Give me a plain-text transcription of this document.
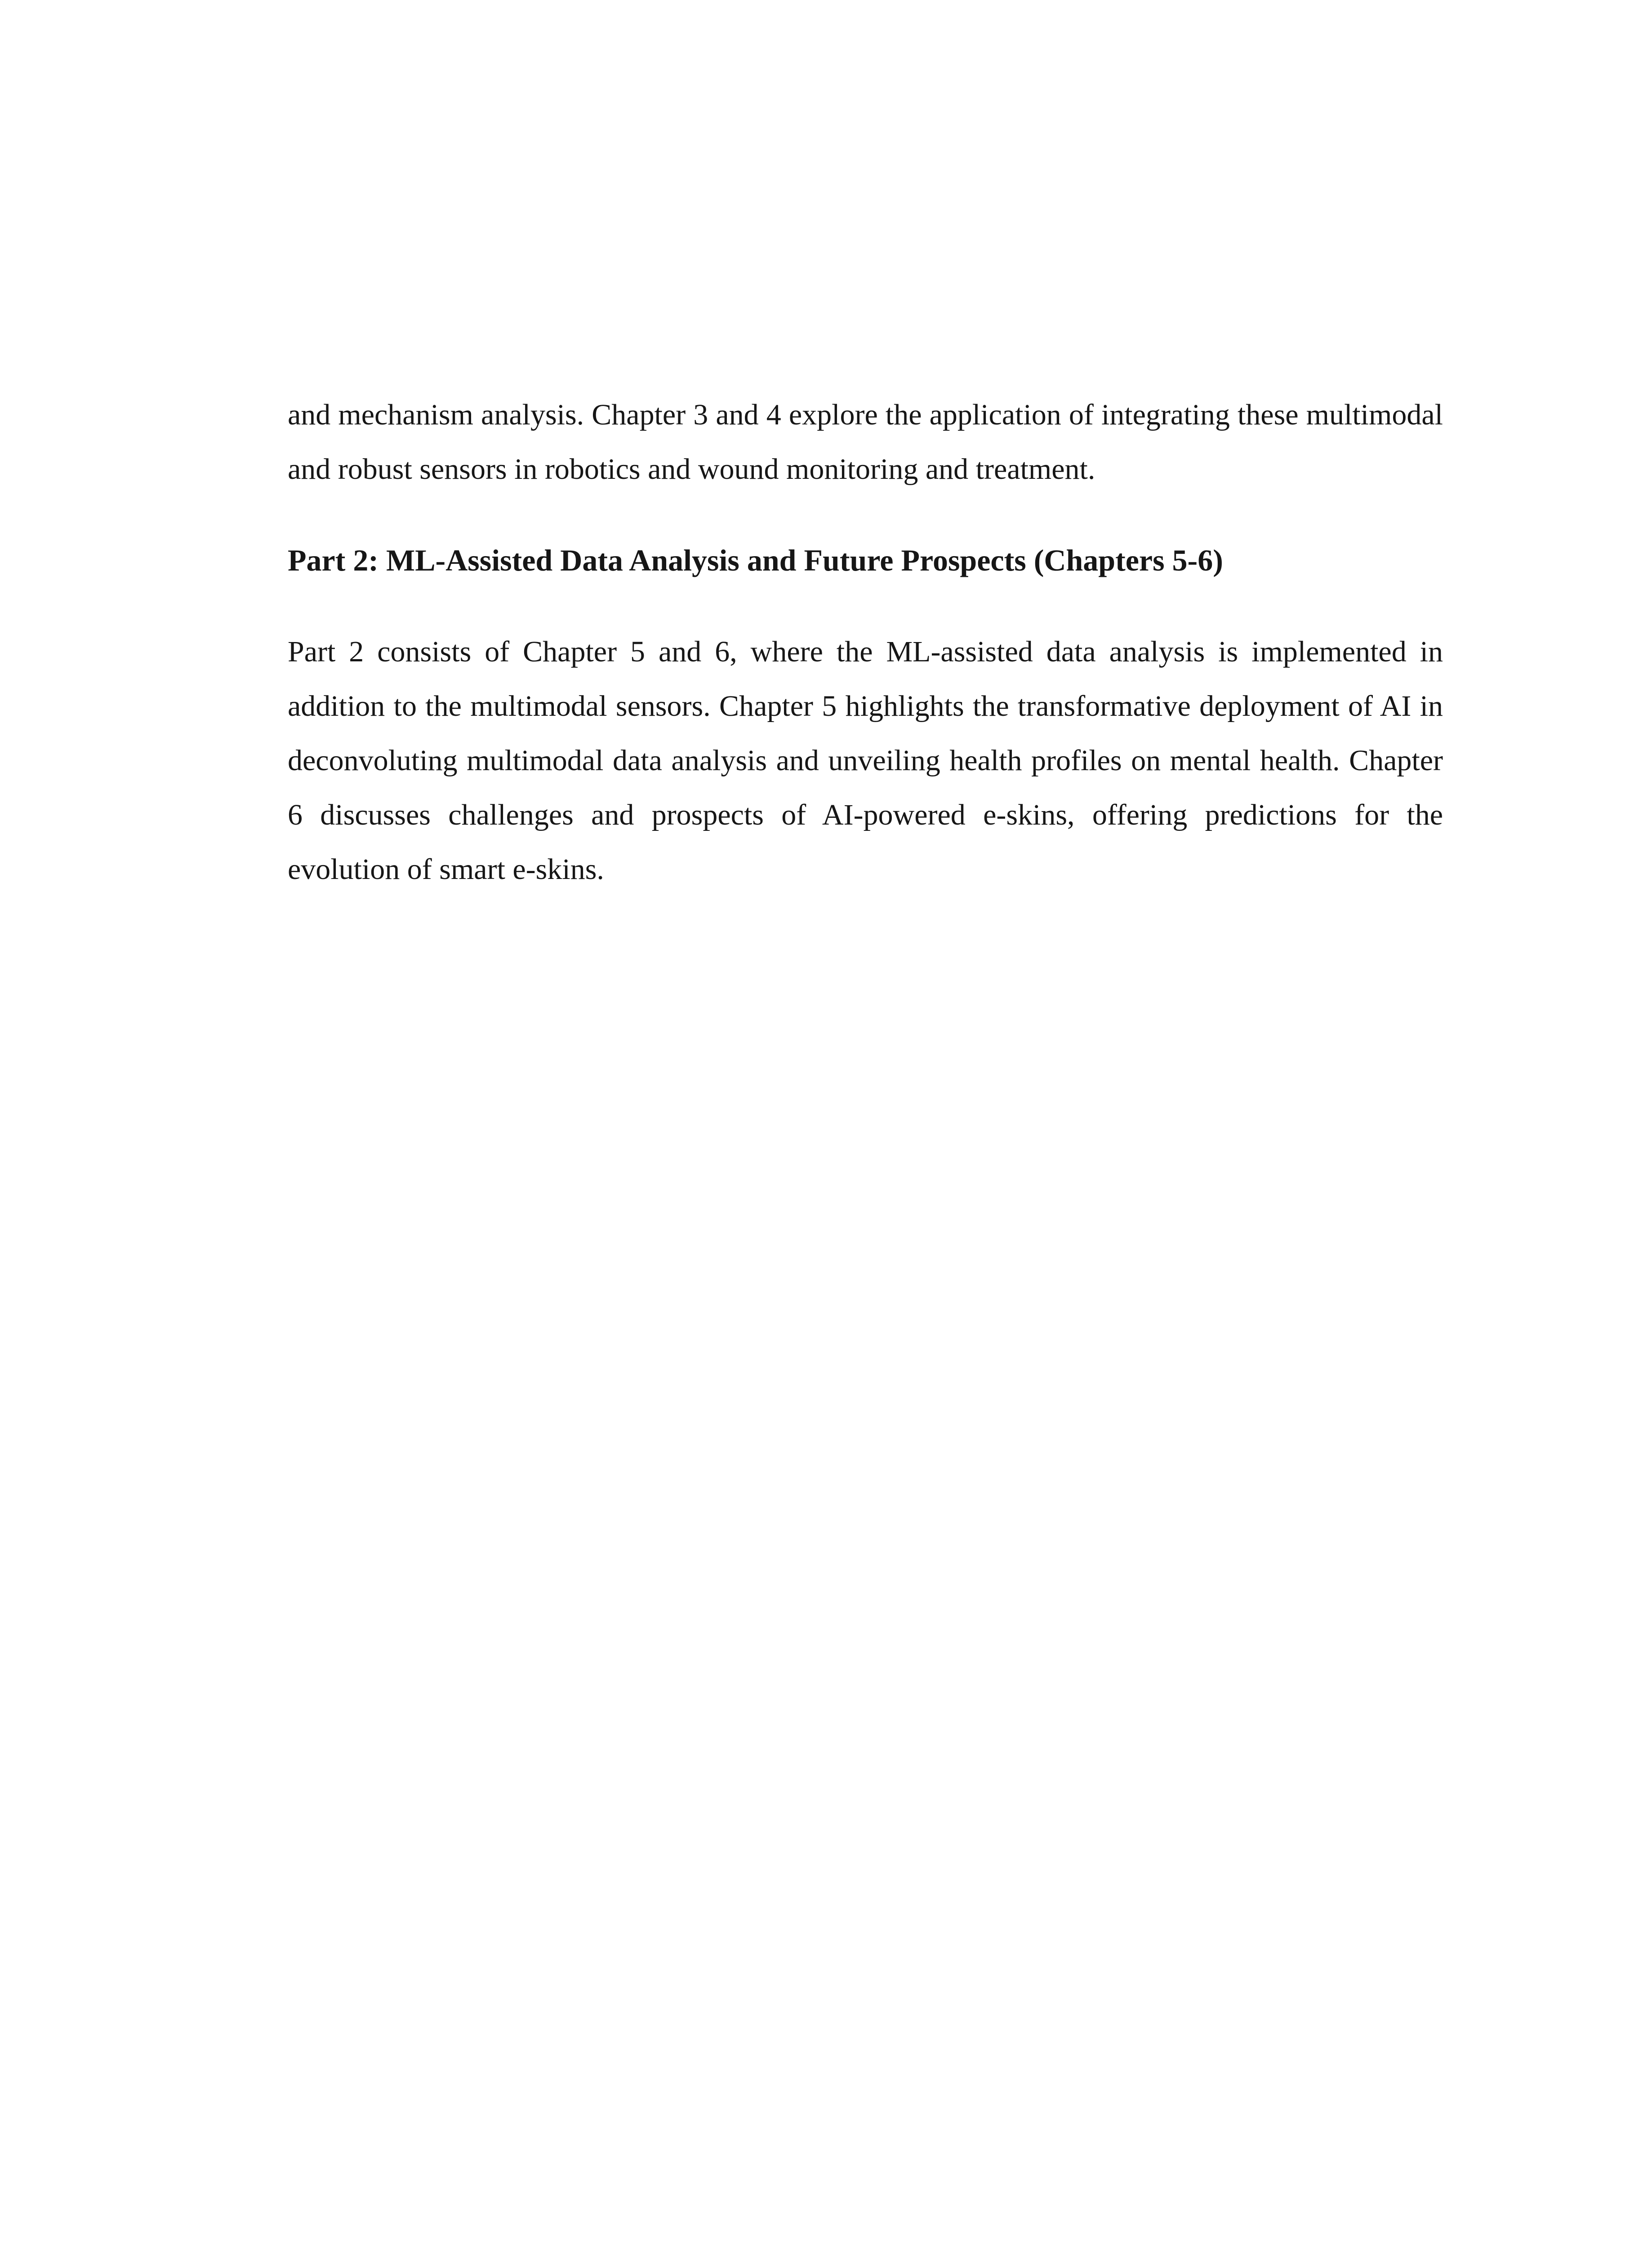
and mechanism analysis. Chapter 3 and 4 explore the application of integrating these multimodal and robust sensors in robotics and wound monitoring and treatment.

Part 2: ML-Assisted Data Analysis and Future Prospects (Chapters 5-6)

Part 2 consists of Chapter 5 and 6, where the ML-assisted data analysis is implemented in addition to the multimodal sensors. Chapter 5 highlights the transformative deployment of AI in deconvoluting multimodal data analysis and unveiling health profiles on mental health. Chapter 6 discusses challenges and prospects of AI-powered e-skins, offering predictions for the evolution of smart e-skins.
